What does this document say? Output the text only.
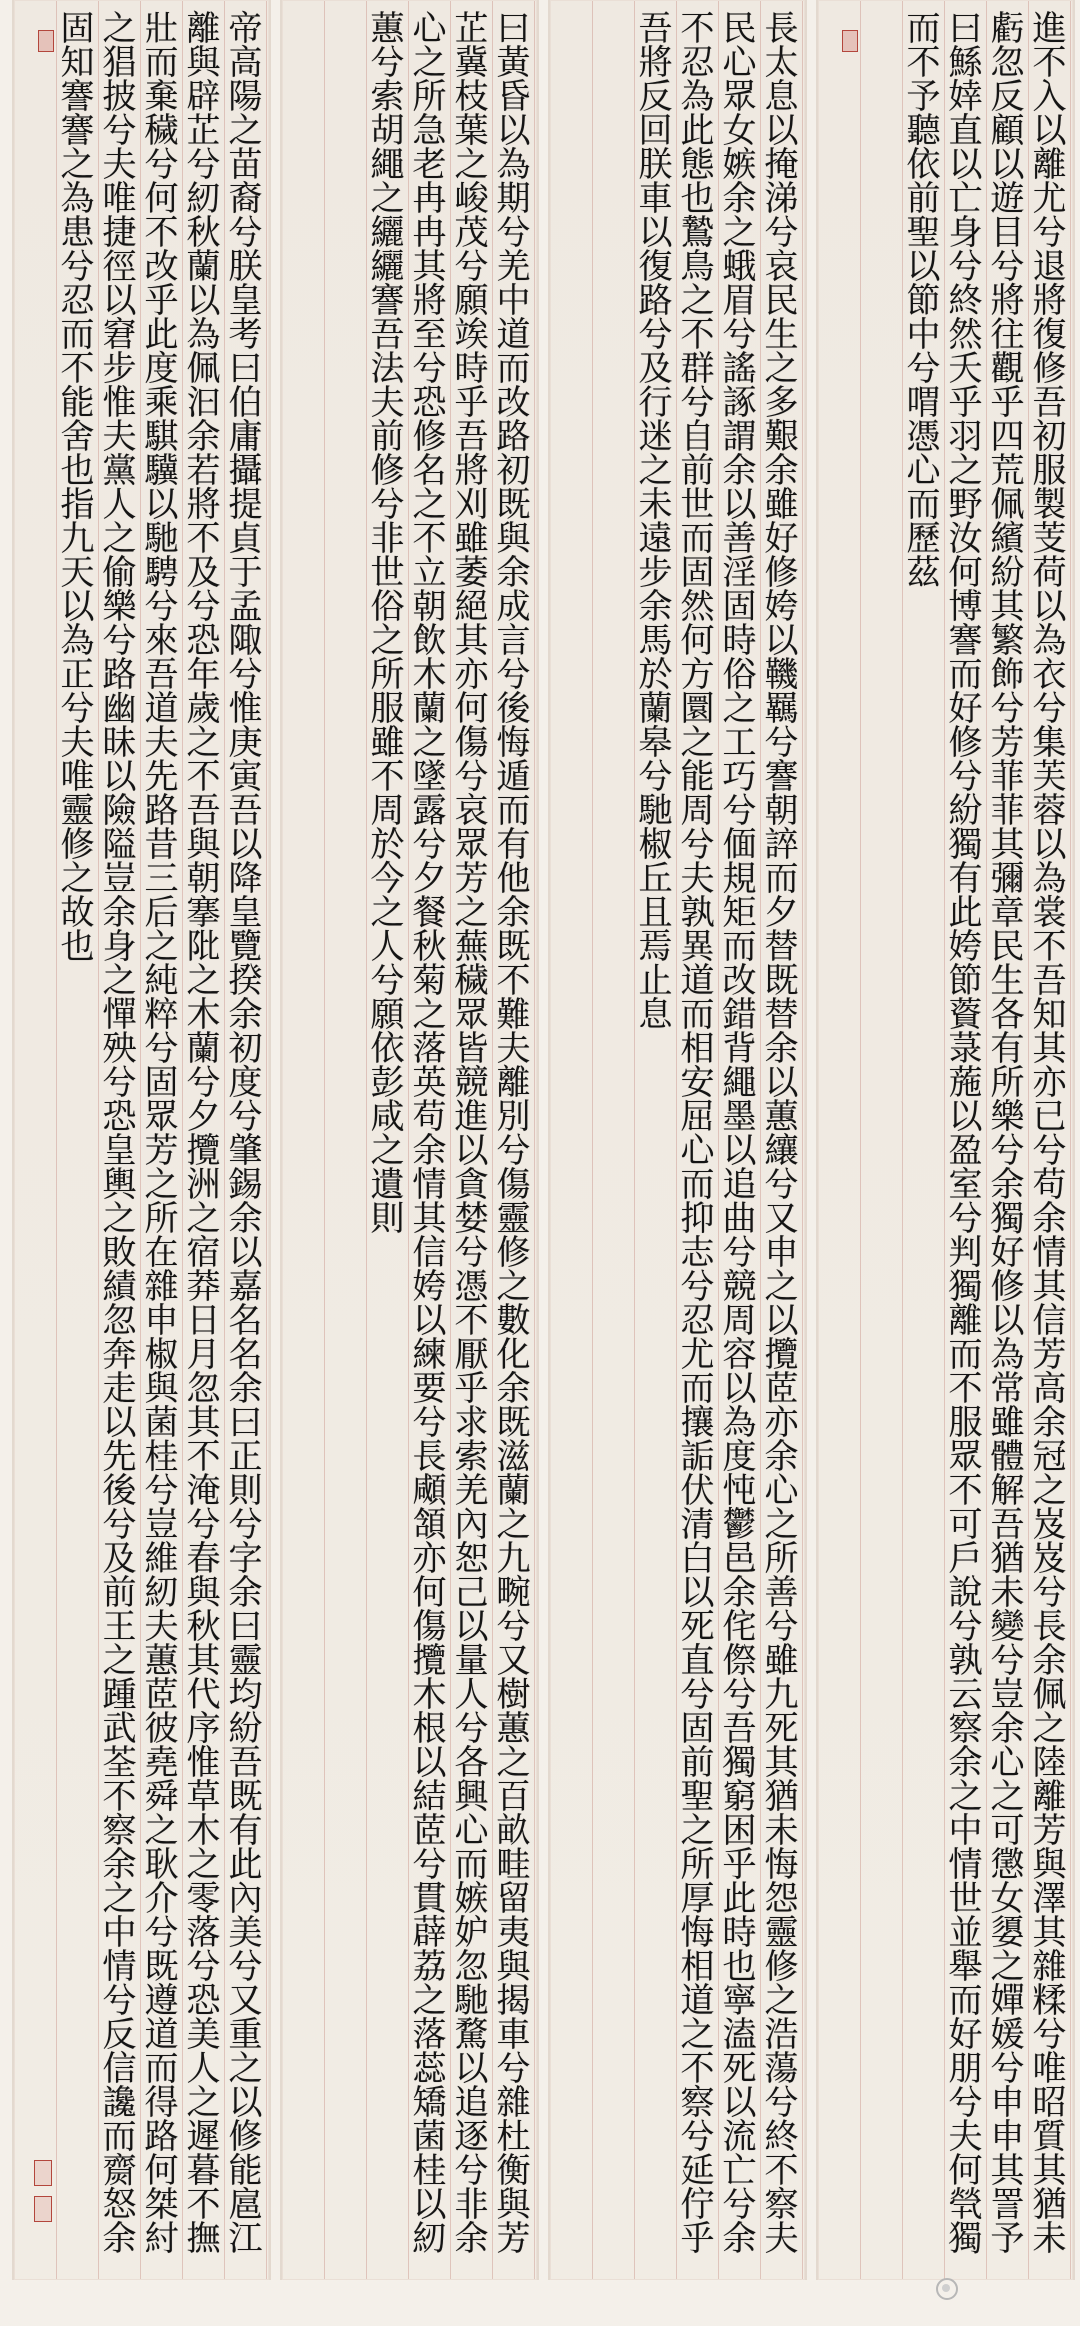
帝高陽之苗裔兮朕皇考曰伯庸攝提貞于孟陬兮惟庚寅吾以降皇覽揆余初度兮肇錫余以嘉名名余曰正則兮字余曰靈均紛吾既有此內美兮又重之以修能扈江離與辟芷兮紉秋蘭以為佩汩余若將不及兮恐年歲之不吾與朝搴阰之木蘭兮夕攬洲之宿莽日月忽其不淹兮春與秋其代序惟草木之零落兮恐美人之遲暮不撫壯而棄穢兮何不改乎此度乘騏驥以馳騁兮來吾道夫先路昔三后之純粹兮固眾芳之所在雜申椒與菌桂兮豈維紉夫蕙茝彼堯舜之耿介兮既遵道而得路何桀紂之猖披兮夫唯捷徑以窘步惟夫黨人之偷樂兮路幽昧以險隘豈余身之憚殃兮恐皇輿之敗績忽奔走以先後兮及前王之踵武荃不察余之中情兮反信讒而齌怒余固知謇謇之為患兮忍而不能舍也指九天以為正兮夫唯靈修之故也	曰黃昏以為期兮羌中道而改路初既與余成言兮後悔遁而有他余既不難夫離別兮傷靈修之數化余既滋蘭之九畹兮又樹蕙之百畝畦留夷與揭車兮雜杜衡與芳芷冀枝葉之峻茂兮願竢時乎吾將刈雖萎絕其亦何傷兮哀眾芳之蕪穢眾皆競進以貪婪兮憑不厭乎求索羌內恕己以量人兮各興心而嫉妒忽馳騖以追逐兮非余心之所急老冉冉其將至兮恐修名之不立朝飲木蘭之墜露兮夕餐秋菊之落英苟余情其信姱以練要兮長顑頷亦何傷攬木根以結茝兮貫薜荔之落蕊矯菌桂以紉蕙兮索胡繩之纚纚謇吾法夫前修兮非世俗之所服雖不周於今之人兮願依彭咸之遺則	長太息以掩涕兮哀民生之多艱余雖好修姱以鞿羈兮謇朝誶而夕替既替余以蕙纕兮又申之以攬茝亦余心之所善兮雖九死其猶未悔怨靈修之浩蕩兮終不察夫民心眾女嫉余之蛾眉兮謠諑謂余以善淫固時俗之工巧兮偭規矩而改錯背繩墨以追曲兮競周容以為度忳鬱邑余侘傺兮吾獨窮困乎此時也寧溘死以流亡兮余不忍為此態也鷙鳥之不群兮自前世而固然何方圜之能周兮夫孰異道而相安屈心而抑志兮忍尤而攘詬伏清白以死直兮固前聖之所厚悔相道之不察兮延佇乎吾將反回朕車以復路兮及行迷之未遠步余馬於蘭皋兮馳椒丘且焉止息	進不入以離尤兮退將復修吾初服製芰荷以為衣兮集芙蓉以為裳不吾知其亦已兮苟余情其信芳高余冠之岌岌兮長余佩之陸離芳與澤其雜糅兮唯昭質其猶未虧忽反顧以遊目兮將往觀乎四荒佩繽紛其繁飾兮芳菲菲其彌章民生各有所樂兮余獨好修以為常雖體解吾猶未變兮豈余心之可懲女嬃之嬋媛兮申申其詈予曰鯀婞直以亡身兮終然夭乎羽之野汝何博謇而好修兮紛獨有此姱節薋菉葹以盈室兮判獨離而不服眾不可戶說兮孰云察余之中情世並舉而好朋兮夫何煢獨而不予聽依前聖以節中兮喟憑心而歷茲
